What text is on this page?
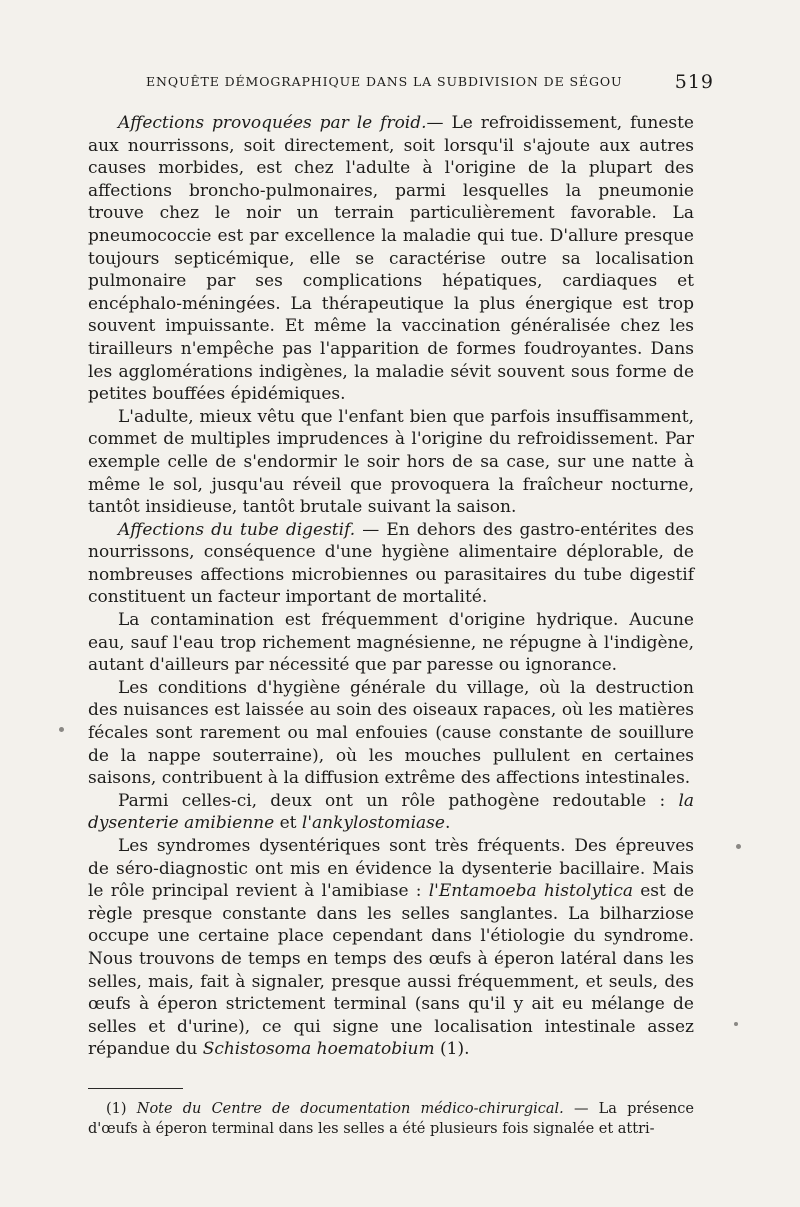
ENQUÊTE DÉMOGRAPHIQUE DANS LA SUBDIVISION DE SÉGOU	519

Affections provoquées par le froid.— Le refroidissement, funeste aux nourrissons, soit directement, soit lorsqu'il s'ajoute aux autres causes morbides, est chez l'adulte à l'origine de la plupart des affections broncho-pulmonaires, parmi lesquelles la pneumonie trouve chez le noir un terrain particulièrement favorable. La pneumococcie est par excellence la maladie qui tue. D'allure presque toujours septicémique, elle se caractérise outre sa localisation pulmonaire par ses complications hépatiques, cardiaques et encéphalo-méningées. La thérapeutique la plus énergique est trop souvent impuissante. Et même la vaccination généralisée chez les tirailleurs n'empêche pas l'apparition de formes foudroyantes. Dans les agglomérations indigènes, la maladie sévit souvent sous forme de petites bouffées épidémiques.

L'adulte, mieux vêtu que l'enfant bien que parfois insuffisamment, commet de multiples imprudences à l'origine du refroidissement. Par exemple celle de s'endormir le soir hors de sa case, sur une natte à même le sol, jusqu'au réveil que provoquera la fraîcheur nocturne, tantôt insidieuse, tantôt brutale suivant la saison.

Affections du tube digestif. — En dehors des gastro-entérites des nourrissons, conséquence d'une hygiène alimentaire déplorable, de nombreuses affections microbiennes ou parasitaires du tube digestif constituent un facteur important de mortalité.

La contamination est fréquemment d'origine hydrique. Aucune eau, sauf l'eau trop richement magnésienne, ne répugne à l'indigène, autant d'ailleurs par nécessité que par paresse ou ignorance.

Les conditions d'hygiène générale du village, où la destruction des nuisances est laissée au soin des oiseaux rapaces, où les matières fécales sont rarement ou mal enfouies (cause constante de souillure de la nappe souterraine), où les mouches pullulent en certaines saisons, contribuent à la diffusion extrême des affections intestinales.

Parmi celles-ci, deux ont un rôle pathogène redoutable : la dysenterie amibienne et l'ankylostomiase.

Les syndromes dysentériques sont très fréquents. Des épreuves de séro-diagnostic ont mis en évidence la dysenterie bacillaire. Mais le rôle principal revient à l'amibiase : l'Entamoeba histolytica est de règle presque constante dans les selles sanglantes. La bilharziose occupe une certaine place cependant dans l'étiologie du syndrome. Nous trouvons de temps en temps des œufs à éperon latéral dans les selles, mais, fait à signaler, presque aussi fréquemment, et seuls, des œufs à éperon strictement terminal (sans qu'il y ait eu mélange de selles et d'urine), ce qui signe une localisation intestinale assez répandue du Schistosoma hoematobium (1).

(1) Note du Centre de documentation médico-chirurgical. — La présence d'œufs à éperon terminal dans les selles a été plusieurs fois signalée et attri-
